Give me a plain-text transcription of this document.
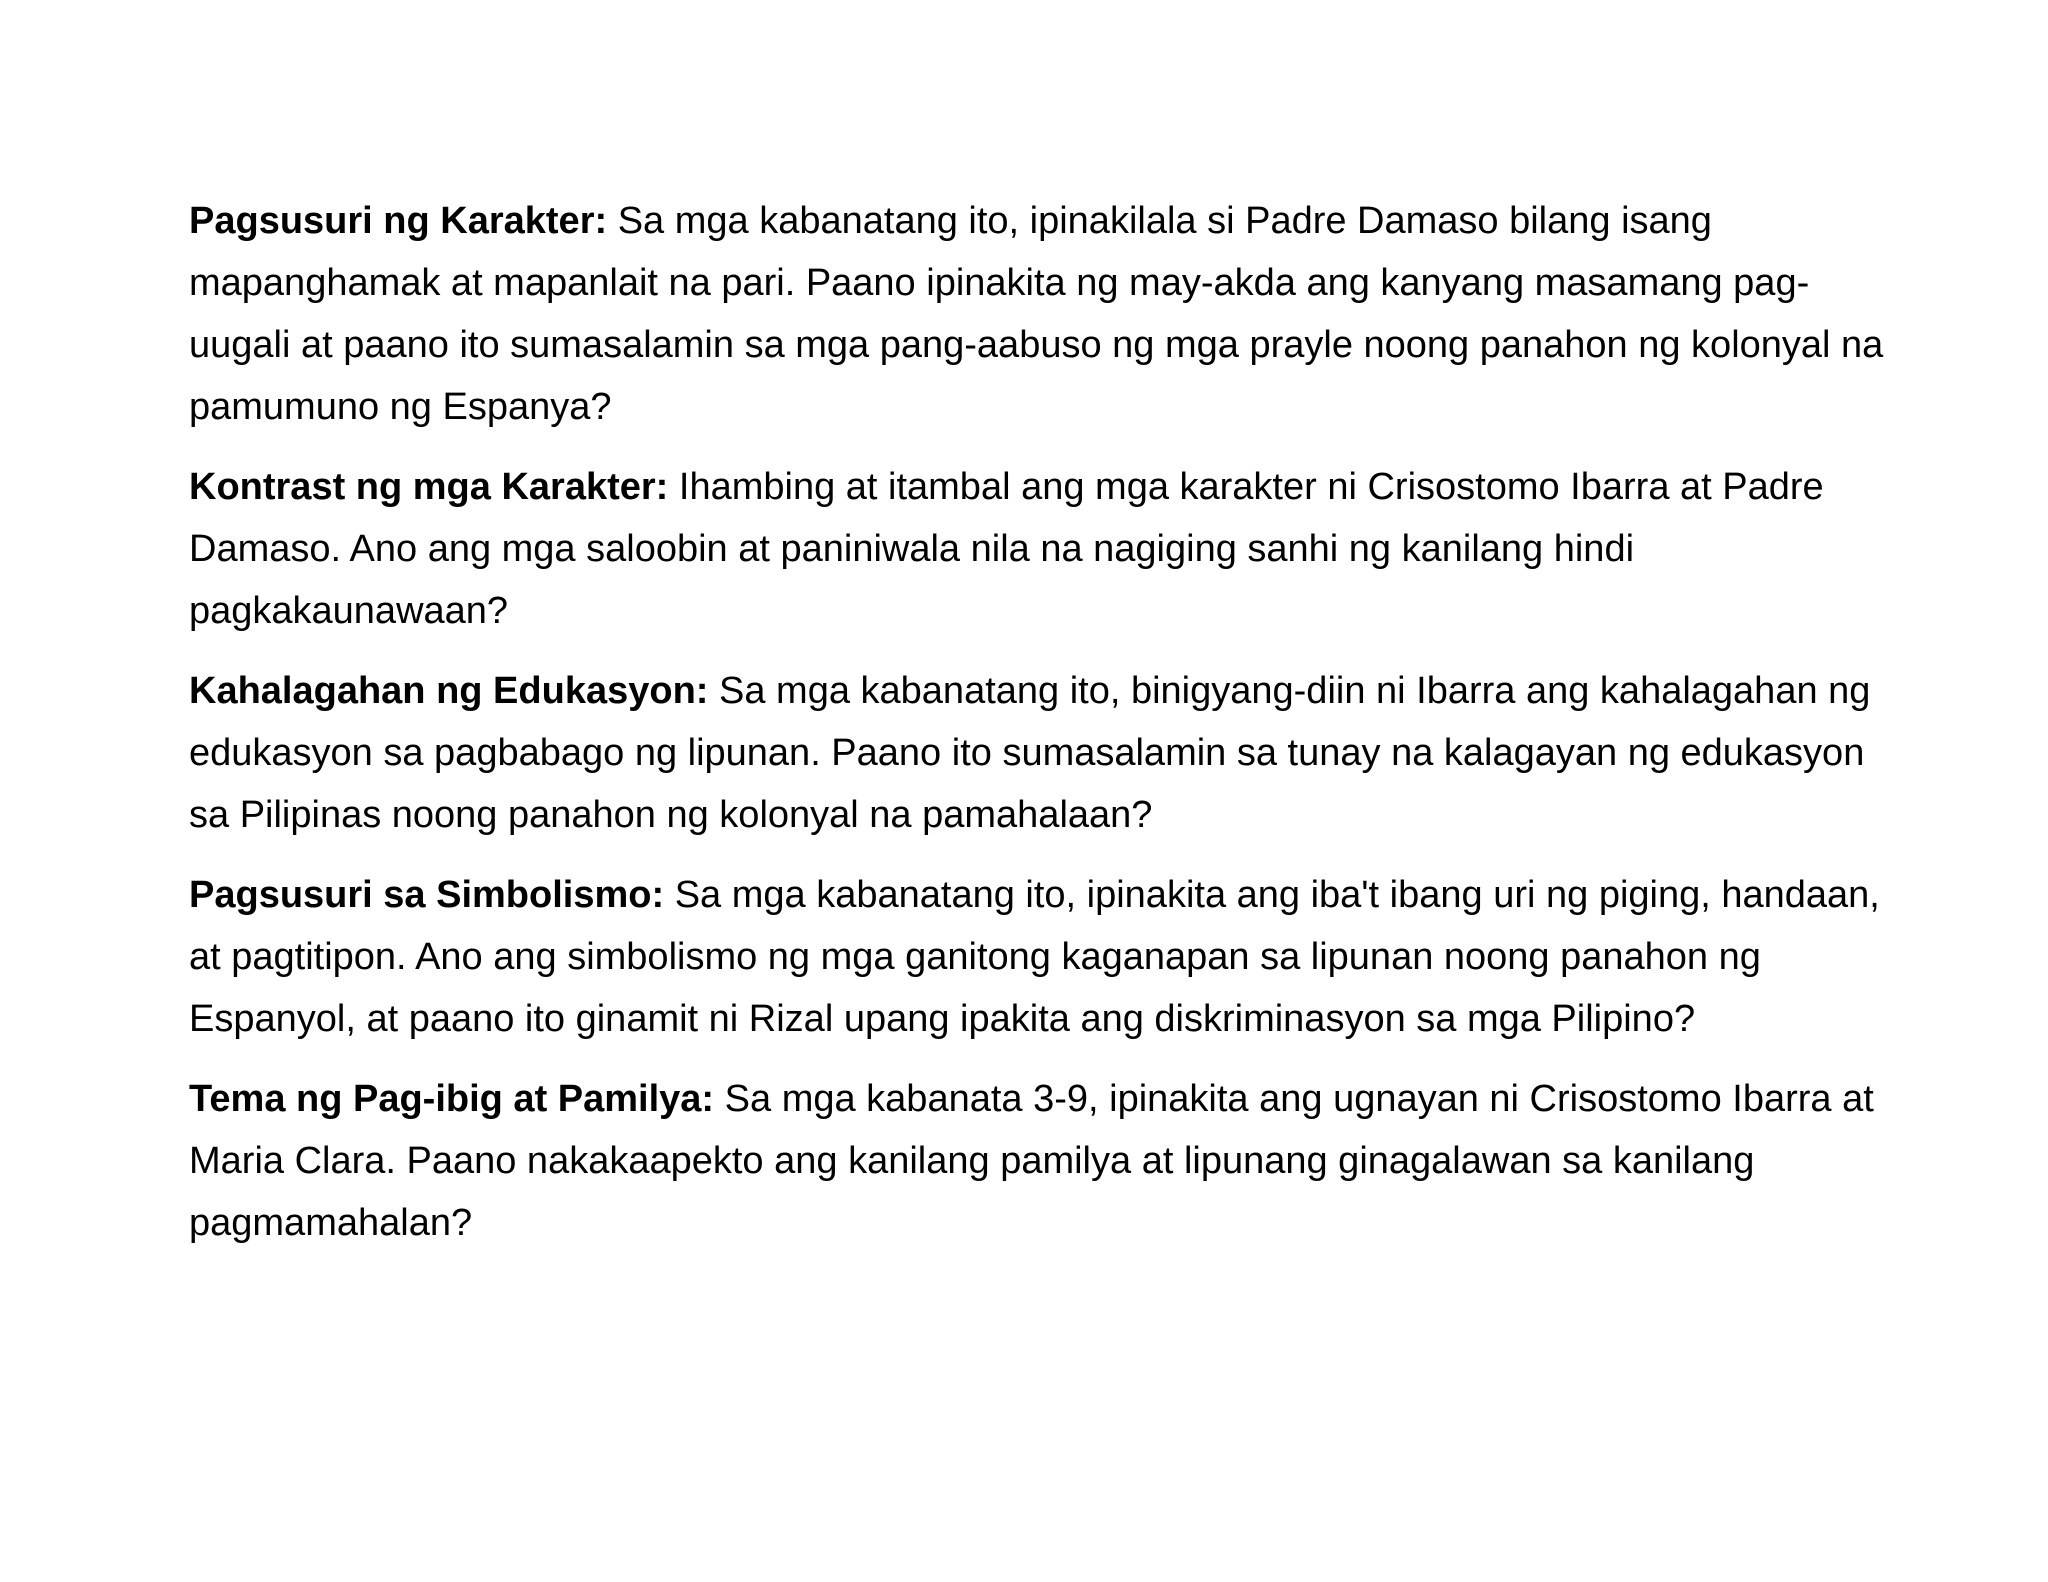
Pagsusuri ng Karakter: Sa mga kabanatang ito, ipinakilala si Padre Damaso bilang isang mapanghamak at mapanlait na pari. Paano ipinakita ng may-akda ang kanyang masamang pag-uugali at paano ito sumasalamin sa mga pang-aabuso ng mga prayle noong panahon ng kolonyal na pamumuno ng Espanya?

Kontrast ng mga Karakter: Ihambing at itambal ang mga karakter ni Crisostomo Ibarra at Padre Damaso. Ano ang mga saloobin at paniniwala nila na nagiging sanhi ng kanilang hindi pagkakaunawaan?

Kahalagahan ng Edukasyon: Sa mga kabanatang ito, binigyang-diin ni Ibarra ang kahalagahan ng edukasyon sa pagbabago ng lipunan. Paano ito sumasalamin sa tunay na kalagayan ng edukasyon sa Pilipinas noong panahon ng kolonyal na pamahalaan?

Pagsusuri sa Simbolismo: Sa mga kabanatang ito, ipinakita ang iba't ibang uri ng piging, handaan, at pagtitipon. Ano ang simbolismo ng mga ganitong kaganapan sa lipunan noong panahon ng Espanyol, at paano ito ginamit ni Rizal upang ipakita ang diskriminasyon sa mga Pilipino?

Tema ng Pag-ibig at Pamilya: Sa mga kabanata 3-9, ipinakita ang ugnayan ni Crisostomo Ibarra at Maria Clara. Paano nakakaapekto ang kanilang pamilya at lipunang ginagalawan sa kanilang pagmamahalan?
